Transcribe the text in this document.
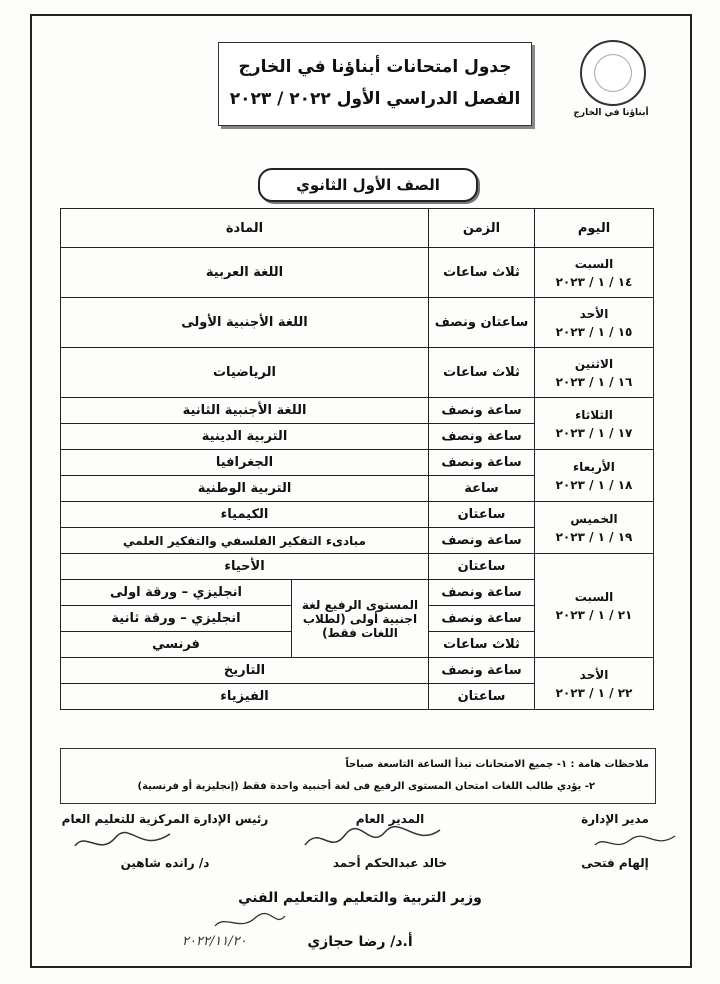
أبناؤنا في الخارج
جدول امتحانات أبناؤنا في الخارج
الفصل الدراسي الأول ٢٠٢٢ / ٢٠٢٣
الصف الأول الثانوي
اليوم	الزمن	المادة	

السبت
١٤ / ١ / ٢٠٢٣	ثلاث ساعات	اللغة العربية	

الأحد
١٥ / ١ / ٢٠٢٣	ساعتان ونصف	اللغة الأجنبية الأولى	

الاثنين
١٦ / ١ / ٢٠٢٣	ثلاث ساعات	الرياضيات	

الثلاثاء
١٧ / ١ / ٢٠٢٣	ساعة ونصف	اللغة الأجنبية الثانية	
	ساعة ونصف	التربية الدينية	

الأربعاء
١٨ / ١ / ٢٠٢٣	ساعة ونصف	الجغرافيا	
	ساعة	التربية الوطنية	

الخميس
١٩ / ١ / ٢٠٢٣	ساعتان	الكيمياء	
	ساعة ونصف	مبادىء التفكير الفلسفي والتفكير العلمي	

السبت
٢١ / ١ / ٢٠٢٣	ساعتان	الأحياء	
	ساعة ونصف	المستوى الرفيع لغة اجنبية أولى (لطلاب اللغات فقط)	انجليزي – ورقة اولى
	ساعة ونصف		انجليزي – ورقة ثانية
	ثلاث ساعات		فرنسي

الأحد
٢٢ / ١ / ٢٠٢٣	ساعة ونصف	التاريخ	
	ساعتان	الفيزياء	
ملاحظات هامة : ١- جميع الامتحانات تبدأ الساعة التاسعة صباحاً
٢- يؤدي طالب اللغات امتحان المستوى الرفيع فى لغة أجنبية واحدة فقط (إنجليزية أو فرنسية)
مدير الإدارة
إلهام فتحى
المدير العام
خالد عبدالحكم أحمد
رئيس الإدارة المركزية للتعليم العام
د/ رانده شاهين
وزير التربية والتعليم والتعليم الفني
٢٠٢٢/١١/٢٠	أ.د/ رضا حجازي
